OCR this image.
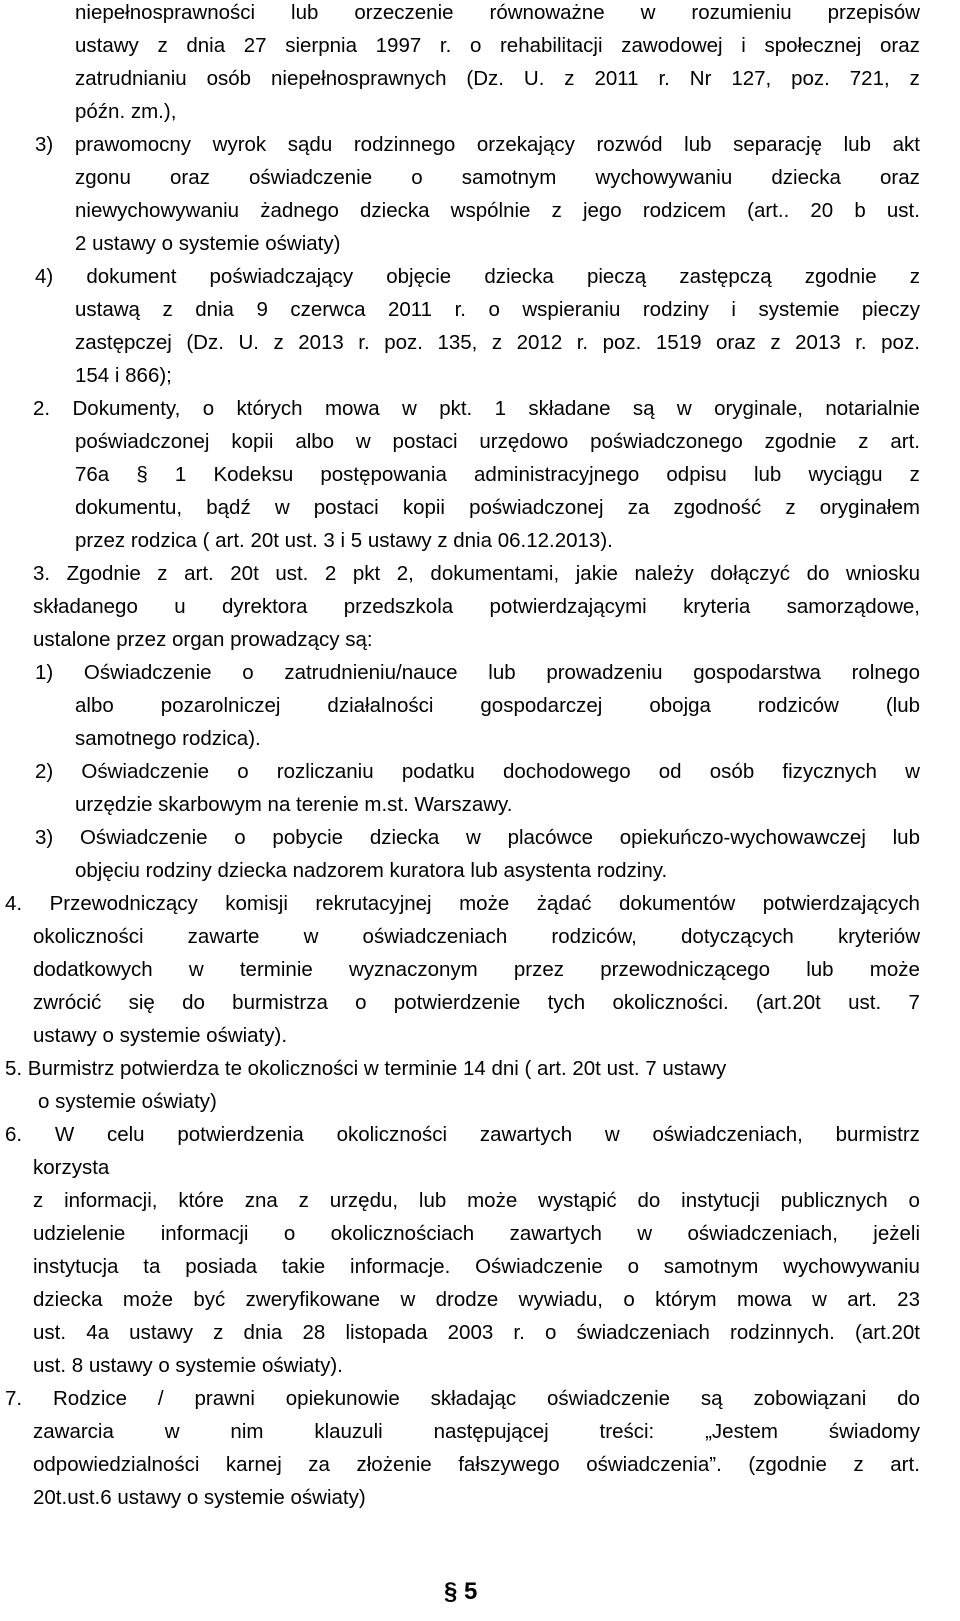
niepełnosprawności lub orzeczenie równoważne w rozumieniu przepisów
ustawy z dnia 27 sierpnia 1997 r. o rehabilitacji zawodowej i społecznej oraz
zatrudnianiu osób niepełnosprawnych (Dz. U. z 2011 r. Nr 127, poz. 721, z
późn. zm.),
3) prawomocny wyrok sądu rodzinnego orzekający rozwód lub separację lub akt
zgonu oraz oświadczenie o samotnym wychowywaniu dziecka oraz
niewychowywaniu żadnego dziecka wspólnie z jego rodzicem (art.. 20 b ust.
2 ustawy o systemie oświaty)
4) dokument poświadczający objęcie dziecka pieczą zastępczą zgodnie z
ustawą z dnia 9 czerwca 2011 r. o wspieraniu rodziny i systemie pieczy
zastępczej (Dz. U. z 2013 r. poz. 135, z 2012 r. poz. 1519 oraz z 2013 r. poz.
154 i 866);
2. Dokumenty, o których mowa w pkt. 1 składane są w oryginale, notarialnie
poświadczonej kopii albo w postaci urzędowo poświadczonego zgodnie z art.
76a § 1 Kodeksu postępowania administracyjnego odpisu lub wyciągu z
dokumentu, bądź w postaci kopii poświadczonej za zgodność z oryginałem
przez rodzica ( art. 20t ust. 3 i 5 ustawy z dnia 06.12.2013).
3. Zgodnie z art. 20t ust. 2 pkt 2, dokumentami, jakie należy dołączyć do wniosku
składanego u dyrektora przedszkola potwierdzającymi kryteria samorządowe,
ustalone przez organ prowadzący są:
1) Oświadczenie o zatrudnieniu/nauce lub prowadzeniu gospodarstwa rolnego
albo pozarolniczej działalności gospodarczej obojga rodziców (lub
samotnego rodzica).
2) Oświadczenie o rozliczaniu podatku dochodowego od osób fizycznych w
urzędzie skarbowym na terenie m.st. Warszawy.
3) Oświadczenie o pobycie dziecka w placówce opiekuńczo-wychowawczej lub
objęciu rodziny dziecka nadzorem kuratora lub asystenta rodziny.
4. Przewodniczący komisji rekrutacyjnej może żądać dokumentów potwierdzających
okoliczności zawarte w oświadczeniach rodziców, dotyczących kryteriów
dodatkowych w terminie wyznaczonym przez przewodniczącego lub może
zwrócić się do burmistrza o potwierdzenie tych okoliczności. (art.20t ust. 7
ustawy o systemie oświaty).
5. Burmistrz potwierdza te okoliczności w terminie 14 dni ( art. 20t ust. 7 ustawy
o systemie oświaty)
6. W celu potwierdzenia okoliczności zawartych w oświadczeniach, burmistrz
korzysta
z informacji, które zna z urzędu, lub może wystąpić do instytucji publicznych o
udzielenie informacji o okolicznościach zawartych w oświadczeniach, jeżeli
instytucja ta posiada takie informacje. Oświadczenie o samotnym wychowywaniu
dziecka może być zweryfikowane w drodze wywiadu, o którym mowa w art. 23
ust. 4a ustawy z dnia 28 listopada 2003 r. o świadczeniach rodzinnych. (art.20t
ust. 8 ustawy o systemie oświaty).
7. Rodzice / prawni opiekunowie składając oświadczenie są zobowiązani do
zawarcia w nim klauzuli następującej treści: „Jestem świadomy
odpowiedzialności karnej za złożenie fałszywego oświadczenia”. (zgodnie z art.
20t.ust.6 ustawy o systemie oświaty)
§ 5
